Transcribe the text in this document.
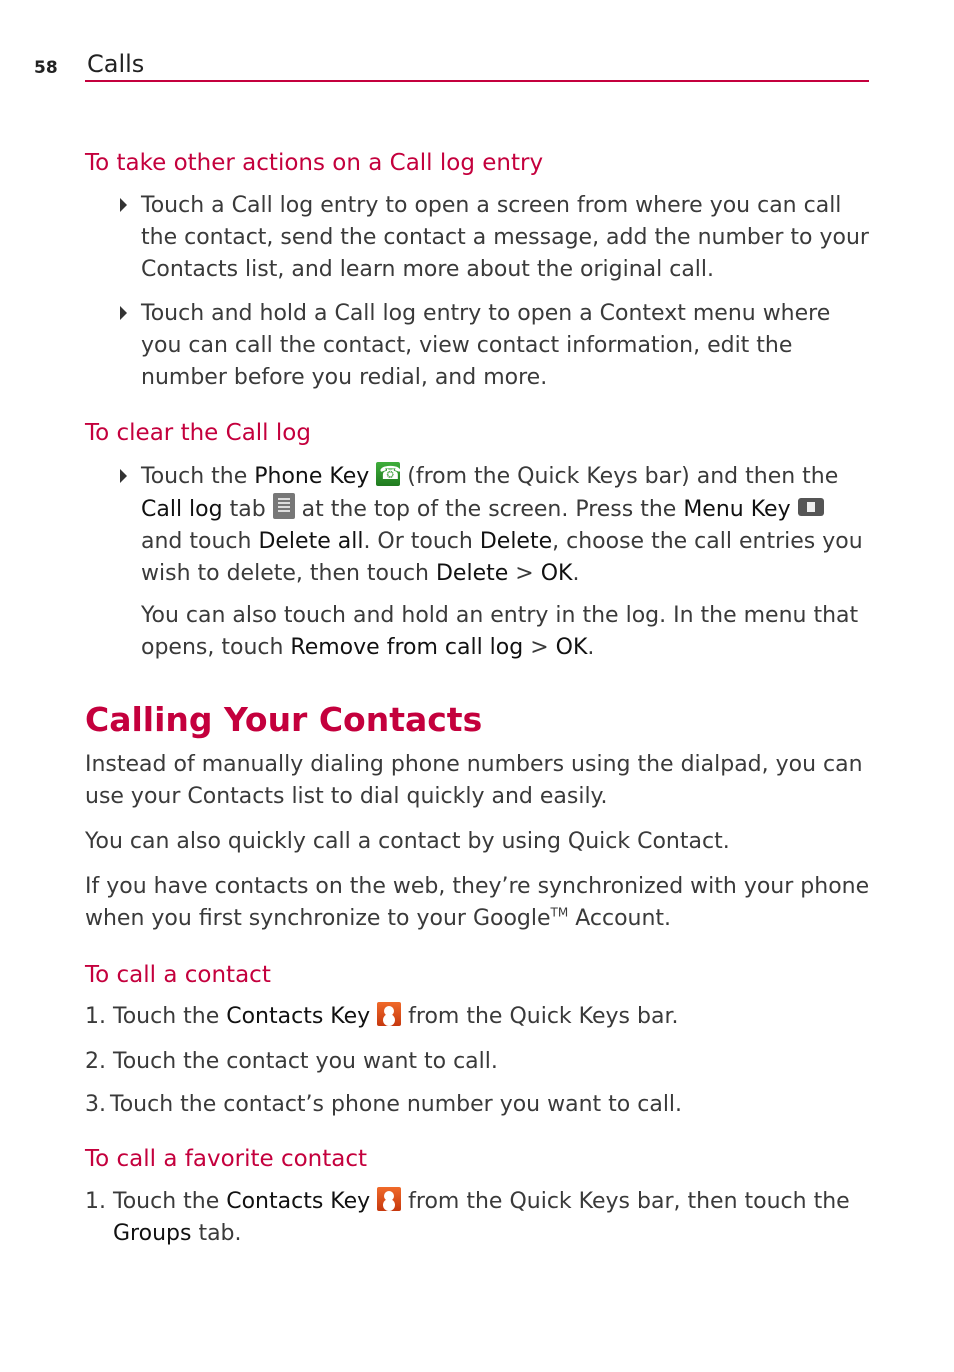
58 Calls
To take other actions on a Call log entry
Touch a Call log entry to open a screen from where you can call the contact, send the contact a message, add the number to your Contacts list, and learn more about the original call.
Touch and hold a Call log entry to open a Context menu where you can call the contact, view contact information, edit the number before you redial, and more.
To clear the Call log
Touch the Phone Key ☎ (from the Quick Keys bar) and then the Call log tab  at the top of the screen. Press the Menu Key  and touch Delete all. Or touch Delete, choose the call entries you wish to delete, then touch Delete > OK.
You can also touch and hold an entry in the log. In the menu that opens, touch Remove from call log > OK.
Calling Your Contacts
Instead of manually dialing phone numbers using the dialpad, you can use your Contacts list to dial quickly and easily.
You can also quickly call a contact by using Quick Contact.
If you have contacts on the web, they’re synchronized with your phone when you first synchronize to your Google™ Account.
To call a contact
1. Touch the Contacts Key  from the Quick Keys bar.
2. Touch the contact you want to call.
3. Touch the contact’s phone number you want to call.
To call a favorite contact
1. Touch the Contacts Key  from the Quick Keys bar, then touch the Groups tab.
